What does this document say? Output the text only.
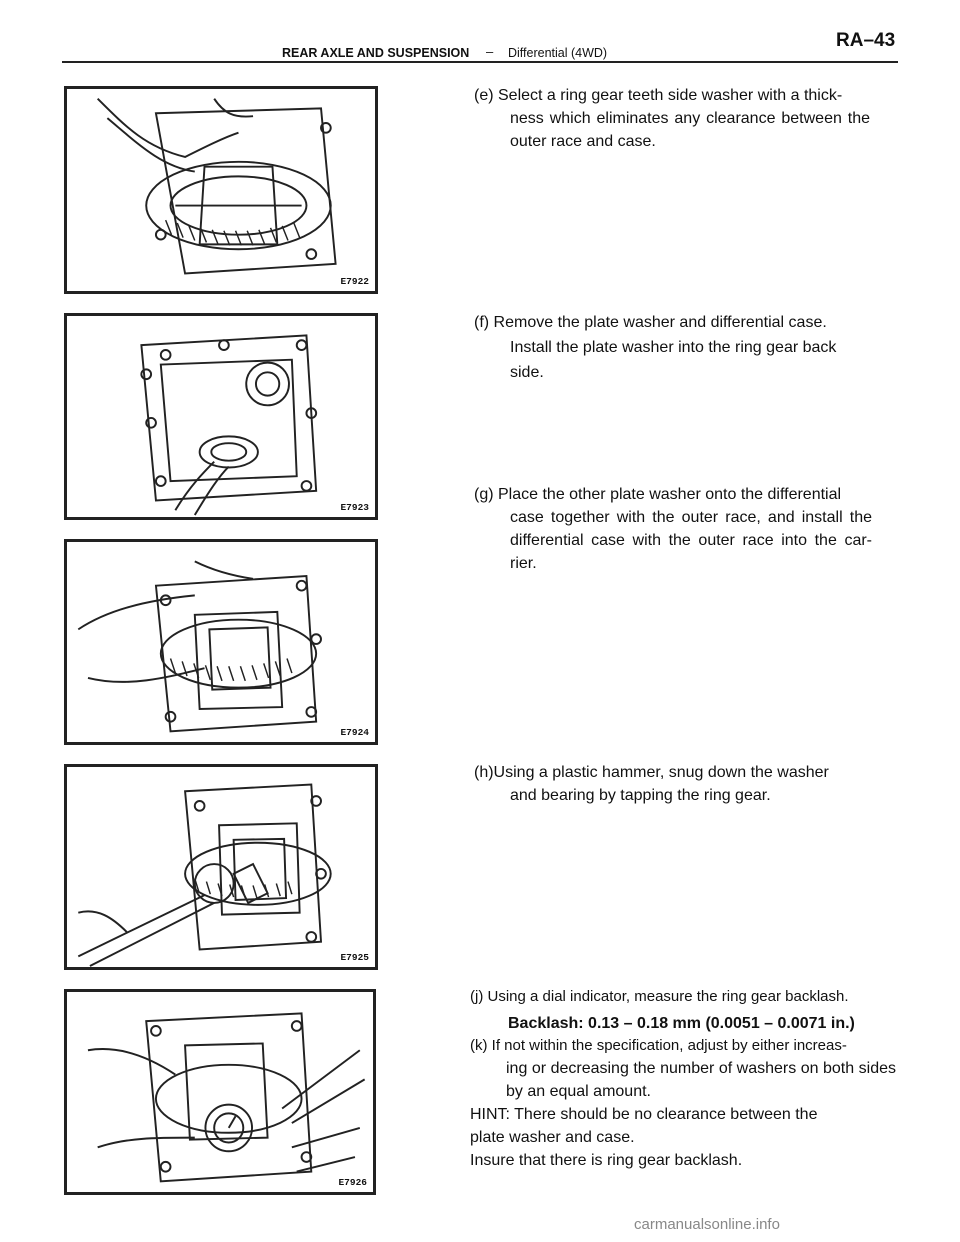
REAR AXLE AND SUSPENSION – Differential (4WD)
RA–43
E7922
E7923
E7924
E7925
E7926

(e) Select a ring gear teeth side washer with a thick-

ness which eliminates any clearance between the outer race and case.

(f) Remove the plate washer and differential case.

Install the plate washer into the ring gear back side.

(g) Place the other plate washer onto the differential

case together with the outer race, and install the differential case with the outer race into the car- rier.

(h)Using a plastic hammer, snug down the washer

and bearing by tapping the ring gear.

(j) Using a dial indicator, measure the ring gear backlash.

Backlash: 0.13 – 0.18 mm (0.0051 – 0.0071 in.)

(k) If not within the specification, adjust by either increas-

ing or decreasing the number of washers on both sides by an equal amount.

HINT: There should be no clearance between the

plate washer and case.

Insure that there is ring gear backlash.

carmanualsonline.info
